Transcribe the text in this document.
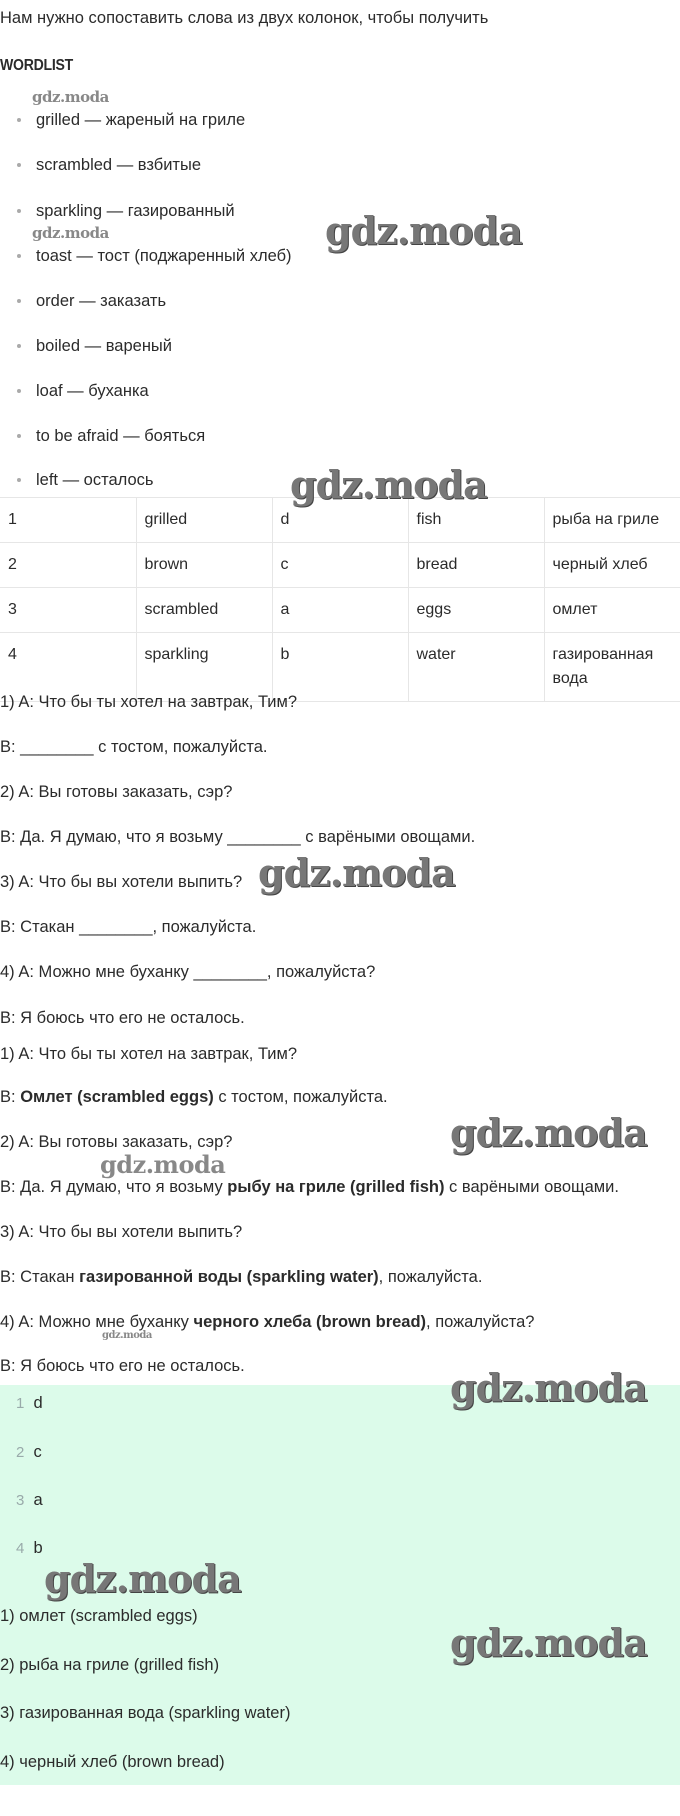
Нам нужно сопоставить слова из двух колонок, чтобы получить
WORDLIST
grilled — жареный на гриле
scrambled — взбитые
sparkling — газированный
toast — тост (поджаренный хлеб)
order — заказать
boiled — вареный
loaf — буханка
to be afraid — бояться
left — осталось
1	grilled	d	fish	рыба на гриле
2	brown	c	bread	черный хлеб
3	scrambled	a	eggs	омлет
4	sparkling	b	water	газированная вода
1) A: Что бы ты хотел на завтрак, Тим?
B: ________ с тостом, пожалуйста.
2) A: Вы готовы заказать, сэр?
B: Да. Я думаю, что я возьму ________ с варёными овощами.
3) A: Что бы вы хотели выпить?
B: Стакан ________, пожалуйста.
4) A: Можно мне буханку ________, пожалуйста?
B: Я боюсь что его не осталось.
1) A: Что бы ты хотел на завтрак, Тим?
B: Омлет (scrambled eggs) с тостом, пожалуйста.
2) A: Вы готовы заказать, сэр?
B: Да. Я думаю, что я возьму рыбу на гриле (grilled fish) с варёными овощами.
3) A: Что бы вы хотели выпить?
B: Стакан газированной воды (sparkling water), пожалуйста.
4) A: Можно мне буханку черного хлеба (brown bread), пожалуйста?
B: Я боюсь что его не осталось.
1 d
2 c
3 a
4 b
1) омлет (scrambled eggs)
2) рыба на гриле (grilled fish)
3) газированная вода (sparkling water)
4) черный хлеб (brown bread)
gdz.moda
gdz.moda	gdz.moda
gdz.moda
gdz.moda
gdz.moda
gdz.moda
gdz.moda
gdz.moda
gdz.moda
gdz.moda
